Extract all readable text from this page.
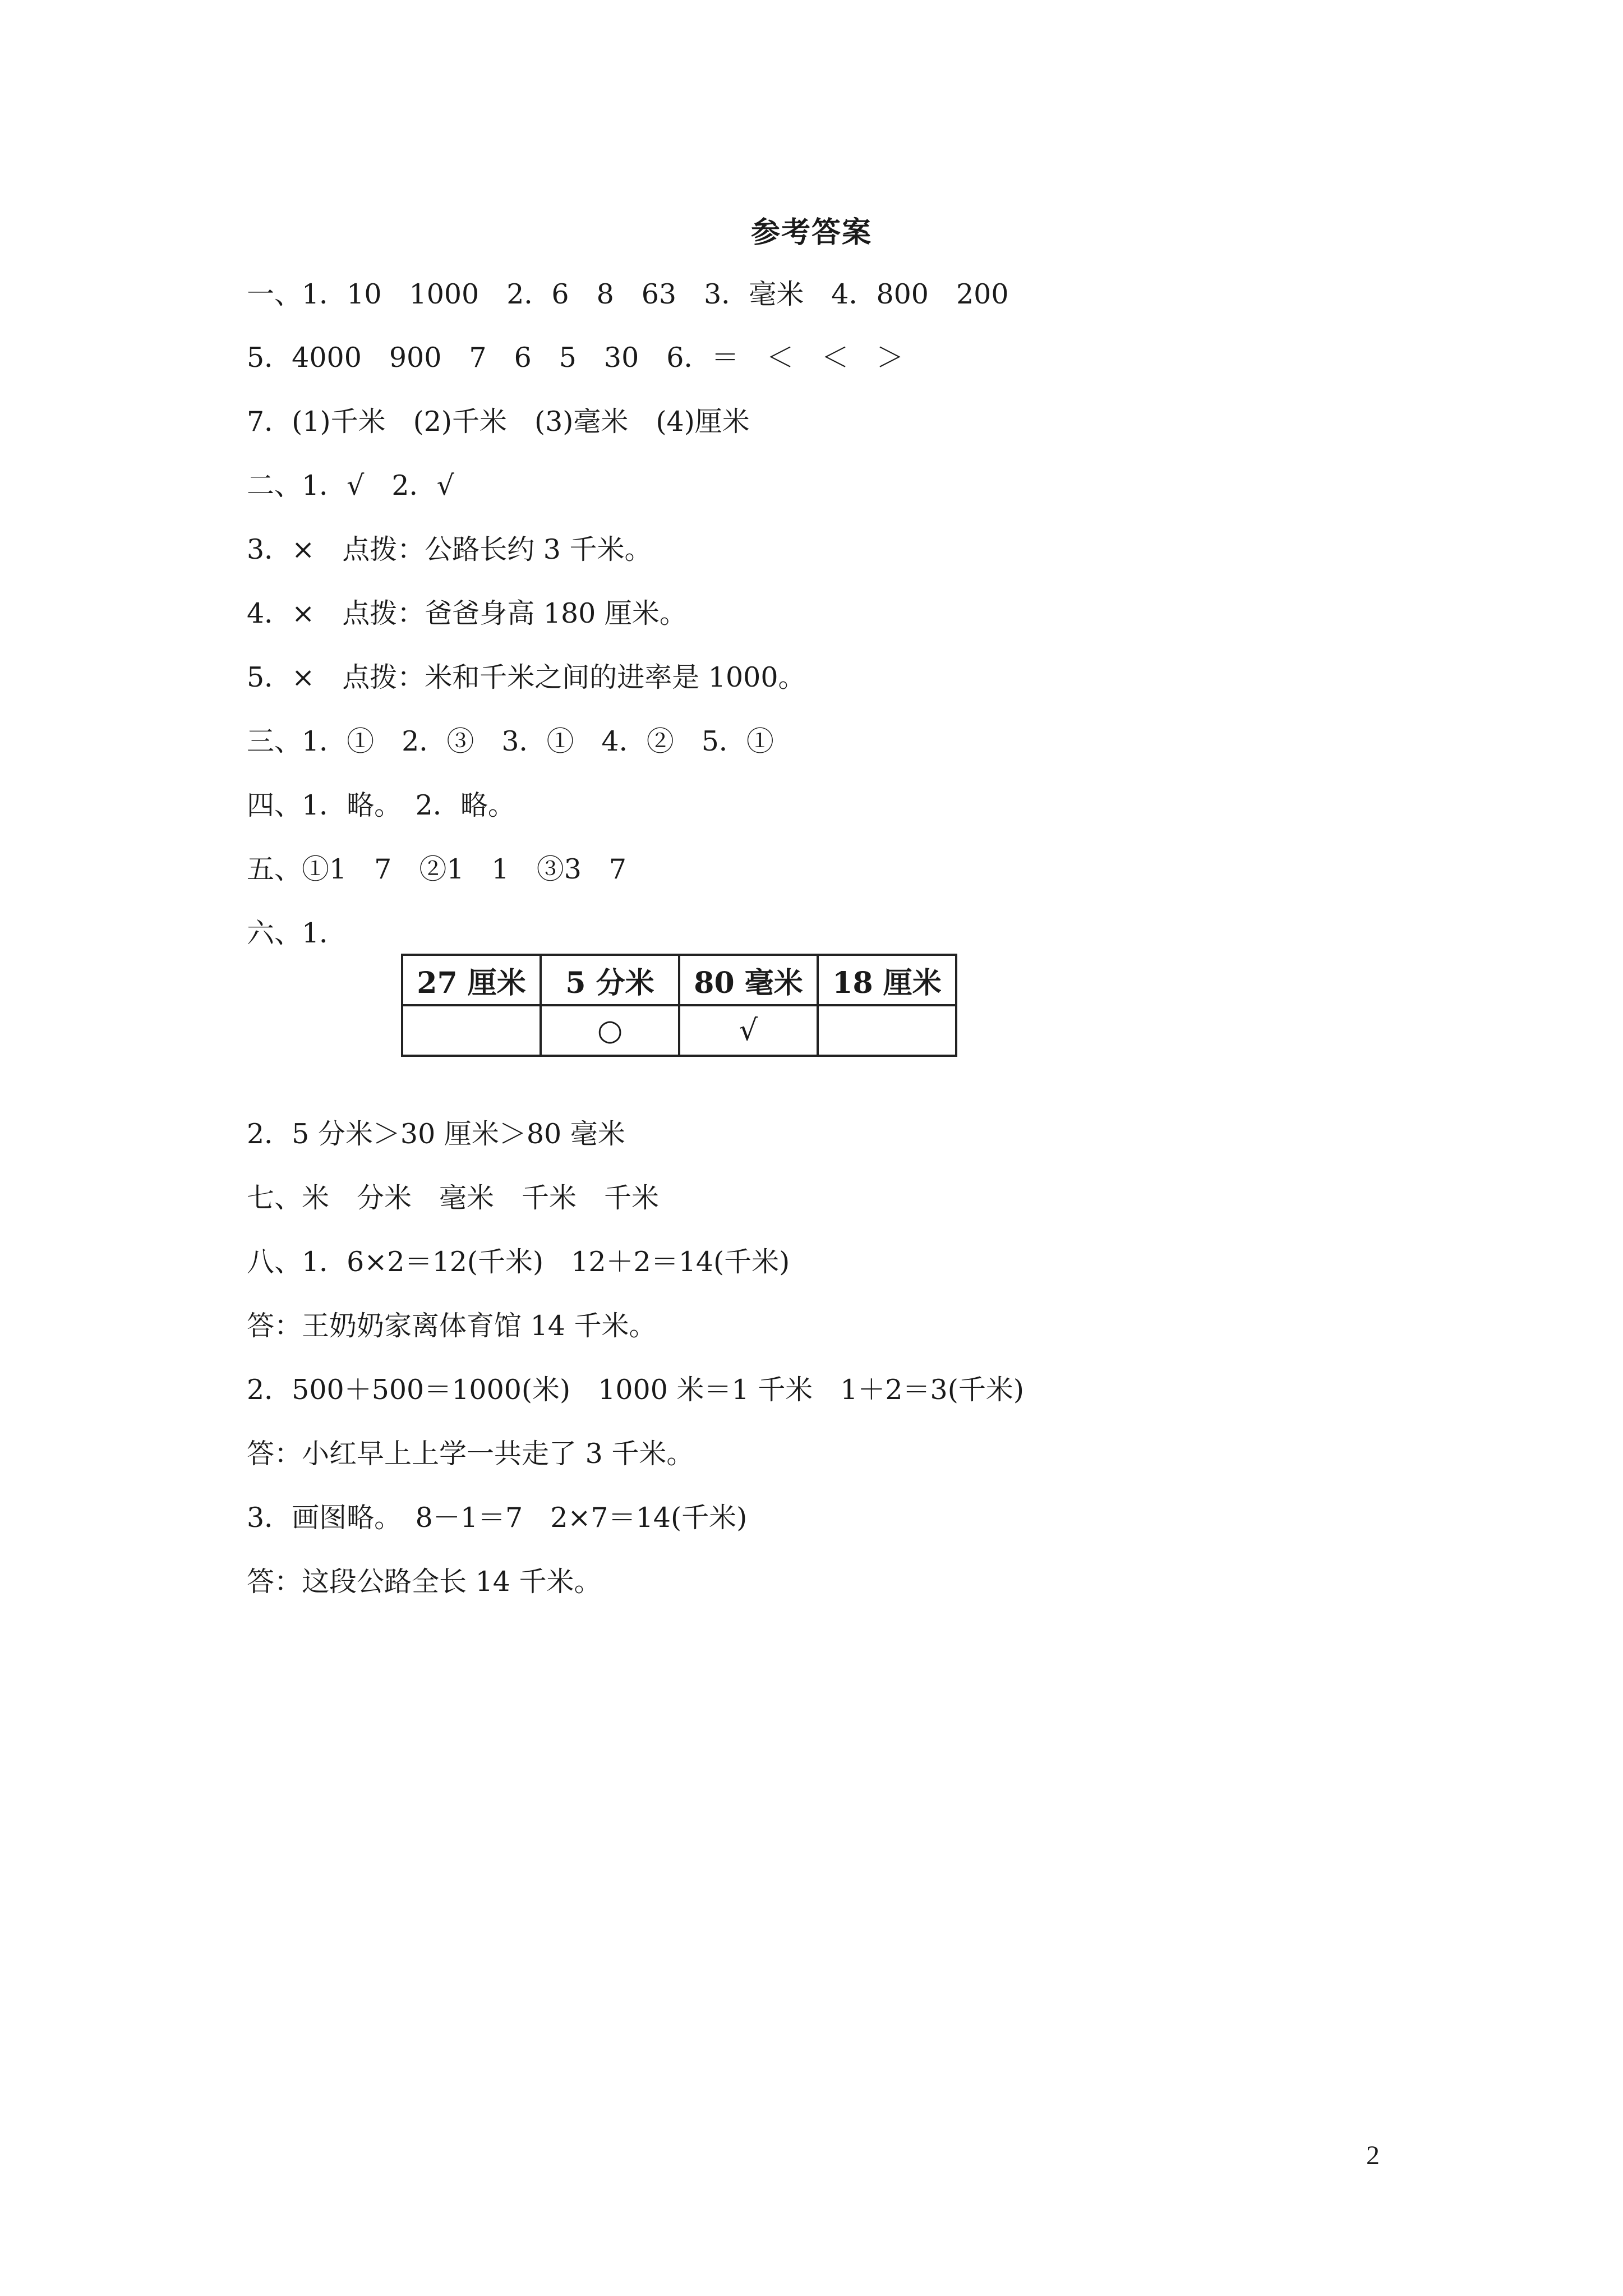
参考答案
一、1．10　1000　2．6　8　63　3．毫米　4．800　200
5．4000　900　7　6　5　30　6．＝　＜　＜　＞
7．(1)千米　(2)千米　(3)毫米　(4)厘米
二、1．√　2．√
3．×　点拨：公路长约 3 千米。
4．×　点拨：爸爸身高 180 厘米。
5．×　点拨：米和千米之间的进率是 1000。
三、1．①　2．③　3．①　4．②　5．①
四、1．略。　2．略。
五、①1　7　②1　1　③3　7
六、1．
27 厘米	5 分米	80 毫米	18 厘米
	○	√	
2．5 分米＞30 厘米＞80 毫米
七、米　分米　毫米　千米　千米
八、1．6×2＝12(千米)　12＋2＝14(千米)
答：王奶奶家离体育馆 14 千米。
2．500＋500＝1000(米)　1000 米＝1 千米　1＋2＝3(千米)
答：小红早上上学一共走了 3 千米。
3．画图略。　8－1＝7　2×7＝14(千米)
答：这段公路全长 14 千米。
2
